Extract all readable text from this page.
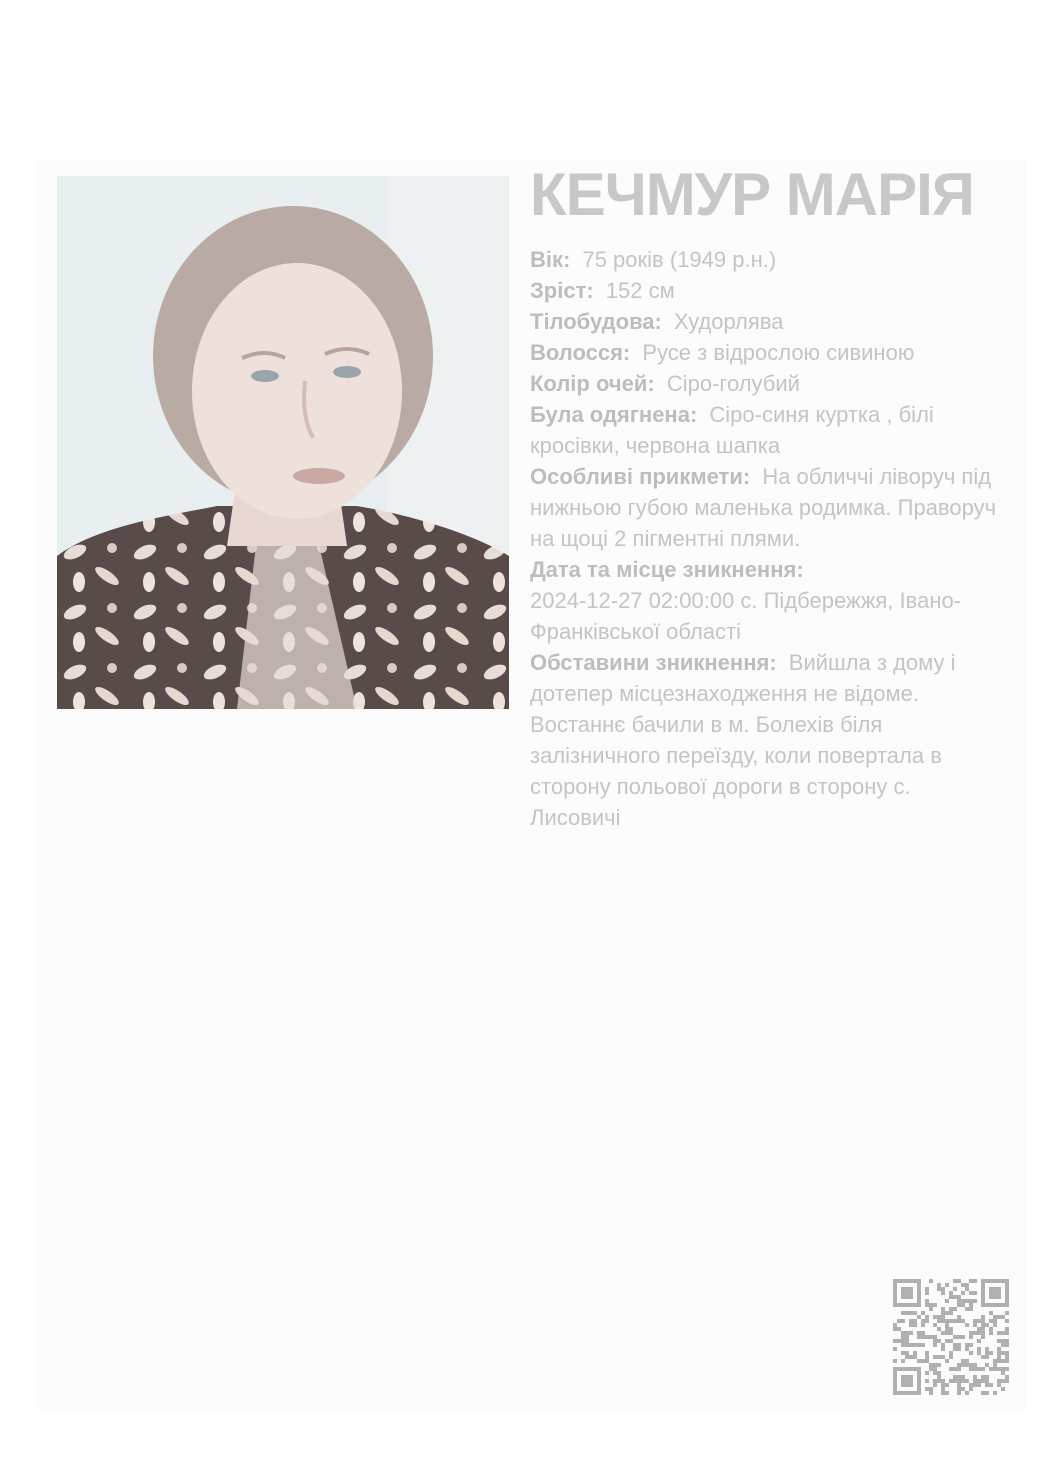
КЕЧМУР МАРІЯ

Вік: 75 років (1949 р.н.)

Зріст: 152 см

Тілобудова: Худорлява

Волосся: Русе з відрослою сивиною

Колір очей: Сіро-голубий

Була одягнена: Сіро-синя куртка , білі кросівки, червона шапка

Особливі прикмети: На обличчі ліворуч під нижньою губою маленька родимка. Праворуч на щоці 2 пігментні плями.

Дата та місце зникнення:
2024-12-27 02:00:00 с. Підбережжя, Івано-Франківської області

Обставини зникнення: Вийшла з дому і дотепер місцезнаходження не відоме. Востаннє бачили в м. Болехів біля залізничного переїзду, коли повертала в сторону польової дороги в сторону с. Лисовичі
